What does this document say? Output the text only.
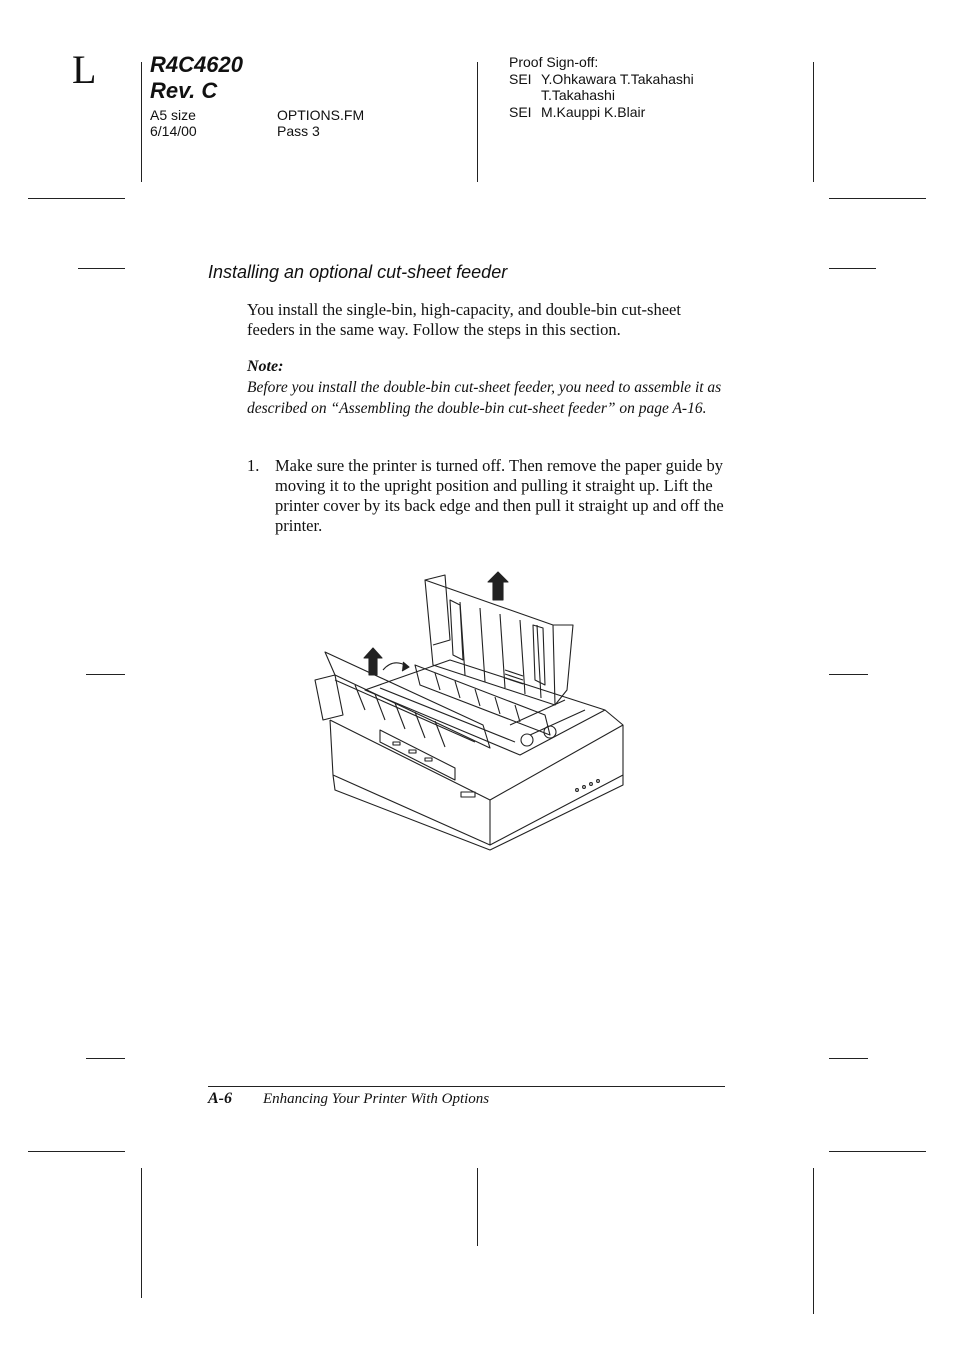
L R4C4620
Rev. C
A5 size
6/14/00
OPTIONS.FM
Pass 3
Proof Sign-off:
SEI Y.Ohkawara T.Takahashi
T.Takahashi
SEI M.Kauppi K.Blair
Installing an optional cut-sheet feeder
You install the single-bin, high-capacity, and double-bin cut-sheet feeders in the same way. Follow the steps in this section.
Note:
Before you install the double-bin cut-sheet feeder, you need to assemble it as described on “Assembling the double-bin cut-sheet feeder” on page A-16.
1. Make sure the printer is turned off. Then remove the paper guide by moving it to the upright position and pulling it straight up. Lift the printer cover by its back edge and then pull it straight up and off the printer.
A-6 Enhancing Your Printer With Options
